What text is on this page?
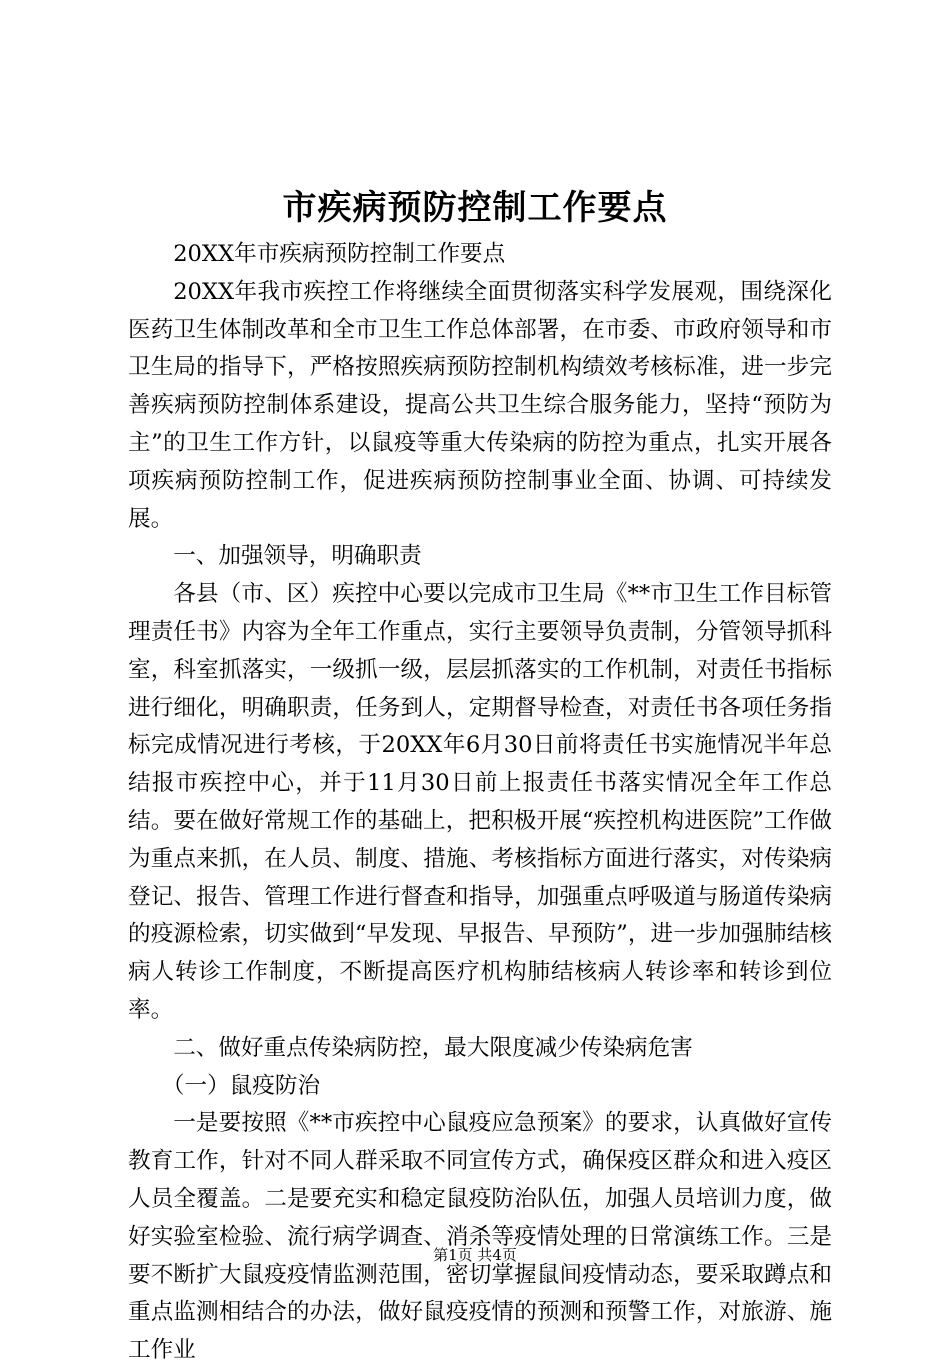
市疾病预防控制工作要点

20XX年市疾病预防控制工作要点

20XX年我市疾控工作将继续全面贯彻落实科学发展观，围绕深化医药卫生体制改革和全市卫生工作总体部署，在市委、市政府领导和市卫生局的指导下，严格按照疾病预防控制机构绩效考核标准，进一步完善疾病预防控制体系建设，提高公共卫生综合服务能力，坚持“预防为主”的卫生工作方针，以鼠疫等重大传染病的防控为重点，扎实开展各项疾病预防控制工作，促进疾病预防控制事业全面、协调、可持续发展。

一、加强领导，明确职责

各县（市、区）疾控中心要以完成市卫生局《**市卫生工作目标管理责任书》内容为全年工作重点，实行主要领导负责制，分管领导抓科室，科室抓落实，一级抓一级，层层抓落实的工作机制，对责任书指标进行细化，明确职责，任务到人，定期督导检查，对责任书各项任务指标完成情况进行考核，于20XX年6月30日前将责任书实施情况半年总结报市疾控中心，并于11月30日前上报责任书落实情况全年工作总结。要在做好常规工作的基础上，把积极开展“疾控机构进医院”工作做为重点来抓，在人员、制度、措施、考核指标方面进行落实，对传染病登记、报告、管理工作进行督查和指导，加强重点呼吸道与肠道传染病的疫源检索，切实做到“早发现、早报告、早预防”，进一步加强肺结核病人转诊工作制度，不断提高医疗机构肺结核病人转诊率和转诊到位率。

二、做好重点传染病防控，最大限度减少传染病危害

（一）鼠疫防治

一是要按照《**市疾控中心鼠疫应急预案》的要求，认真做好宣传教育工作，针对不同人群采取不同宣传方式，确保疫区群众和进入疫区人员全覆盖。二是要充实和稳定鼠疫防治队伍，加强人员培训力度，做好实验室检验、流行病学调查、消杀等疫情处理的日常演练工作。三是要不断扩大鼠疫疫情监测范围，密切掌握鼠间疫情动态，要采取蹲点和重点监测相结合的办法，做好鼠疫疫情的预测和预警工作，对旅游、施工作业

第1页 共4页
